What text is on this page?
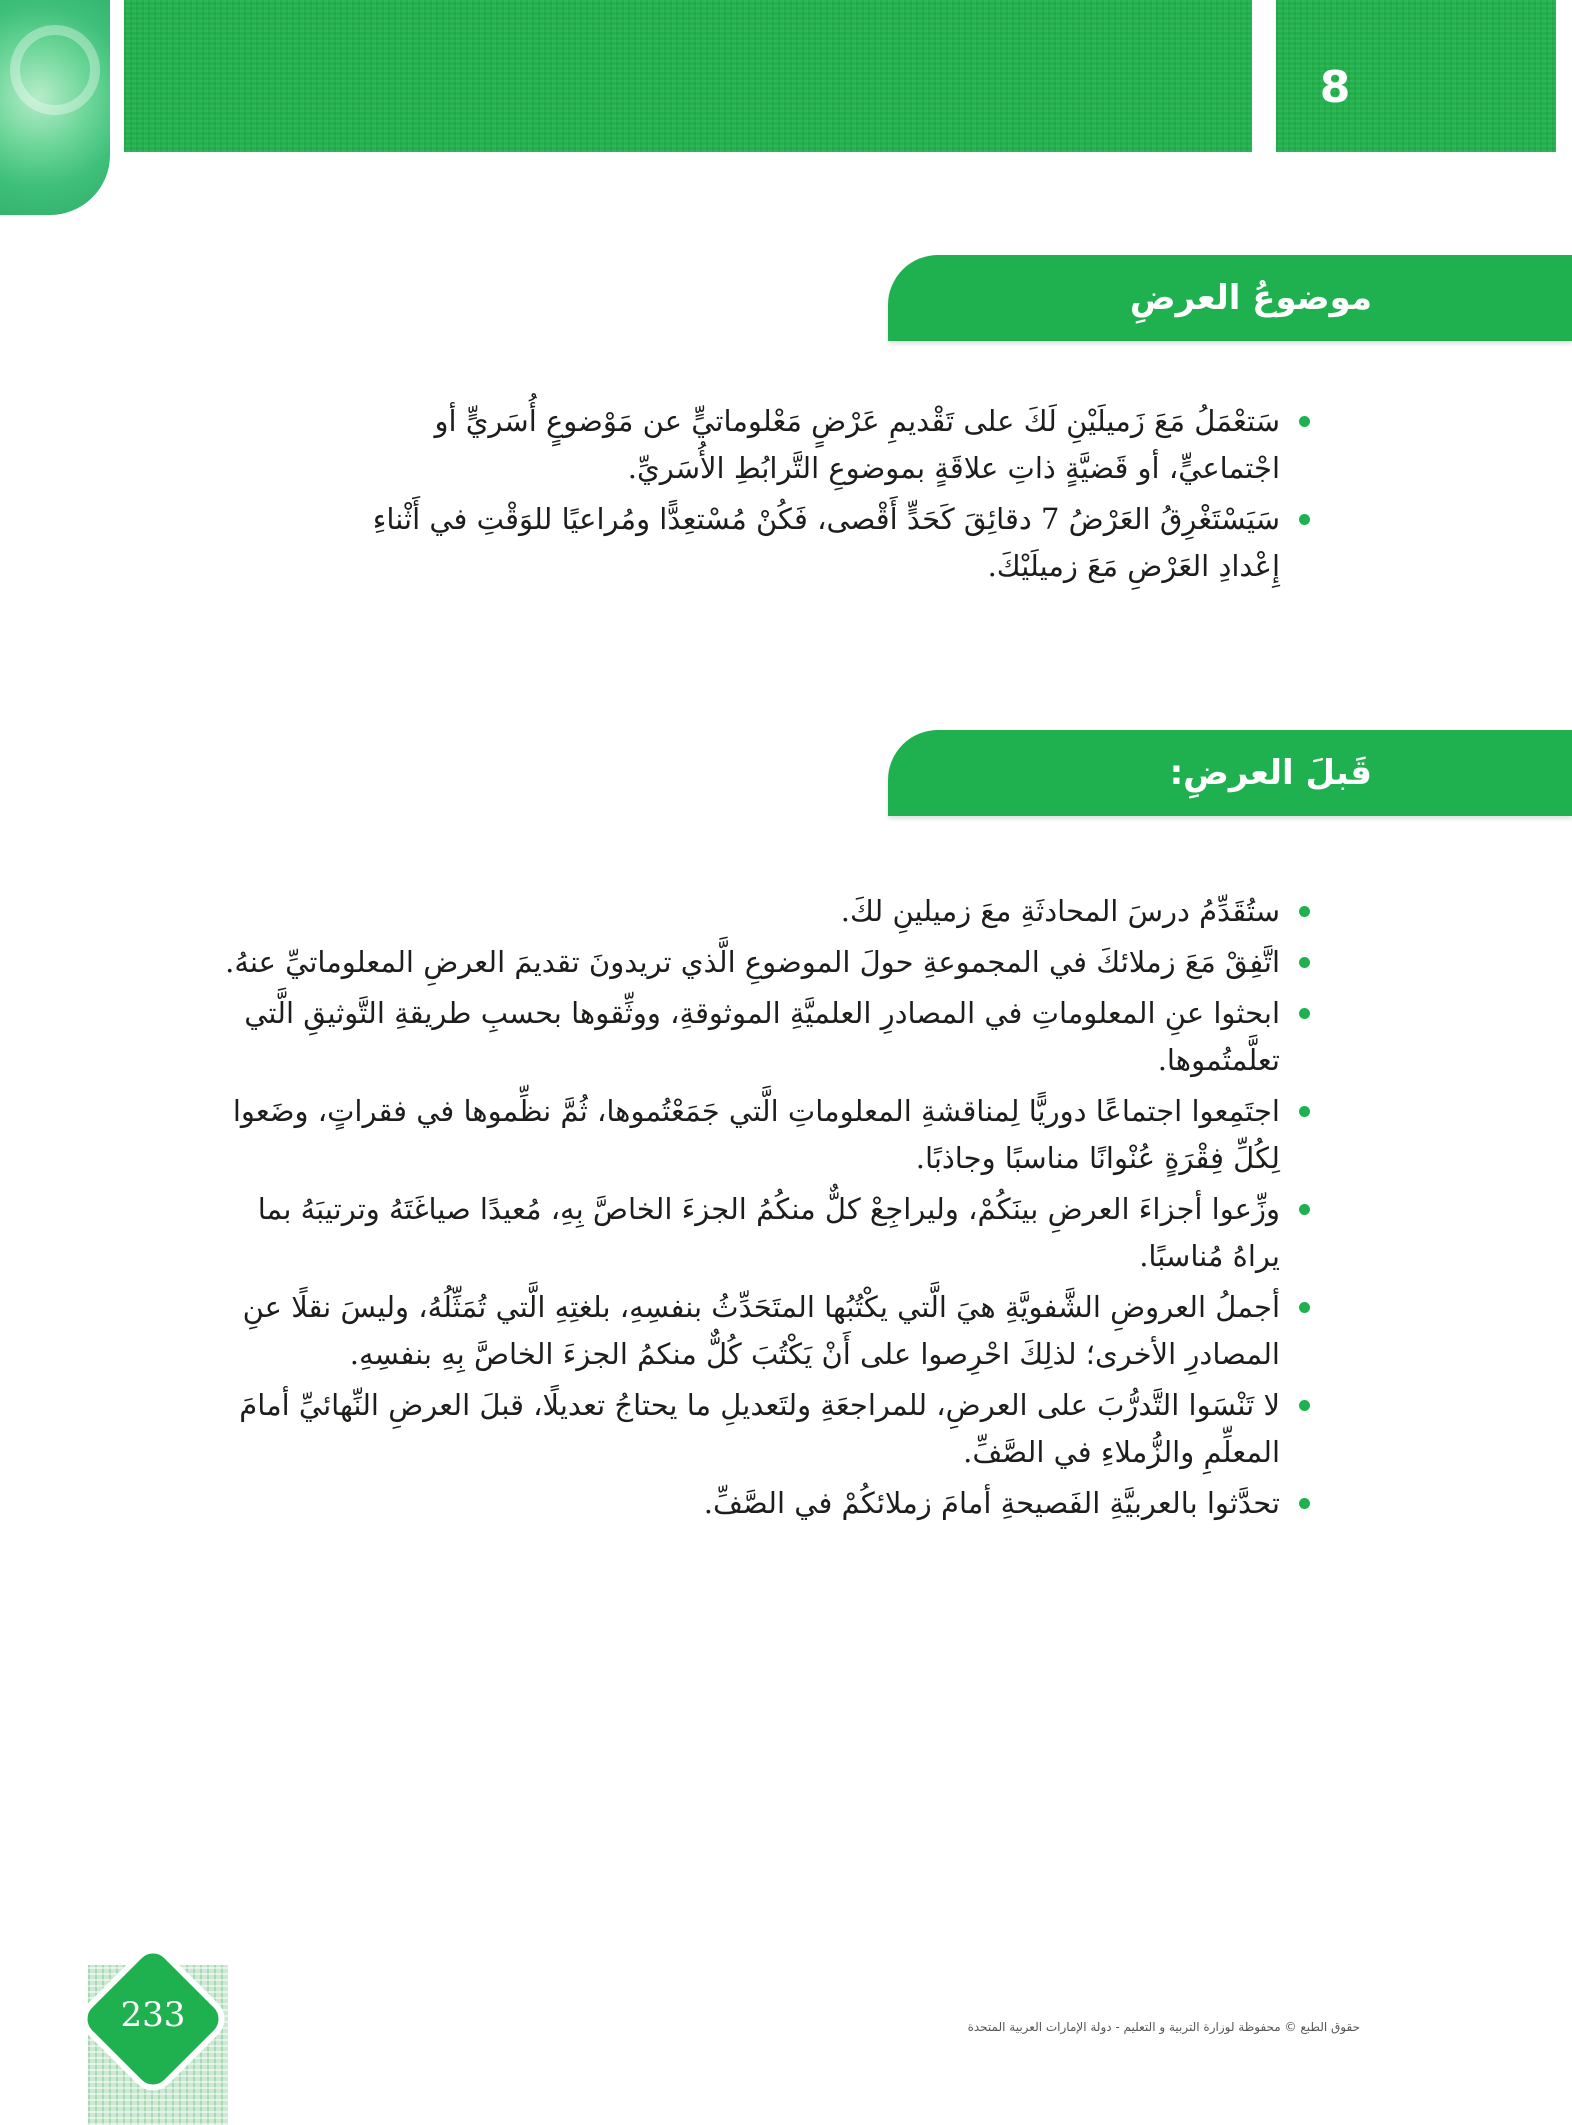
8
موضوعُ العرضِ
سَتعْمَلُ مَعَ زَميلَيْنِ لَكَ على تَقْديمِ عَرْضٍ مَعْلوماتيٍّ عن مَوْضوعٍ أُسَريٍّ أو اجْتماعيٍّ، أو قَضيَّةٍ ذاتِ علاقَةٍ بموضوعِ التَّرابُطِ الأُسَريِّ.
سَيَسْتَغْرِقُ العَرْضُ 7 دقائِقَ كَحَدٍّ أَقْصى، فَكُنْ مُسْتعِدًّا ومُراعيًا للوَقْتِ في أَثْناءِ إِعْدادِ العَرْضِ مَعَ زميلَيْكَ.
قَبلَ العرضِ:
ستُقَدِّمُ درسَ المحادثَةِ معَ زميلينِ لكَ.
اتَّفِقْ مَعَ زملائكَ في المجموعةِ حولَ الموضوعِ الَّذي تريدونَ تقديمَ العرضِ المعلوماتيِّ عنهُ.
ابحثوا عنِ المعلوماتِ في المصادرِ العلميَّةِ الموثوقةِ، ووثِّقوها بحسبِ طريقةِ التَّوثيقِ الَّتي تعلَّمتُموها.
اجتَمِعوا اجتماعًا دوريًّا لِمناقشةِ المعلوماتِ الَّتي جَمَعْتُموها، ثُمَّ نظِّموها في فقراتٍ، وضَعوا لِكُلِّ فِقْرَةٍ عُنْوانًا مناسبًا وجاذبًا.
وزِّعوا أجزاءَ العرضِ بينَكُمْ، وليراجِعْ كلٌّ منكُمُ الجزءَ الخاصَّ بِهِ، مُعيدًا صياغَتَهُ وترتيبَهُ بما يراهُ مُناسبًا.
أجملُ العروضِ الشَّفويَّةِ هيَ الَّتي يكْتُبُها المتَحَدِّثُ بنفسِهِ، بلغتِهِ الَّتي تُمَثِّلُهُ، وليسَ نقلًا عنِ المصادرِ الأخرى؛ لذلِكَ احْرِصوا على أَنْ يَكْتُبَ كُلٌّ منكمُ الجزءَ الخاصَّ بِهِ بنفسِهِ.
لا تَنْسَوا التَّدرُّبَ على العرضِ، للمراجعَةِ ولتَعديلِ ما يحتاجُ تعديلًا، قبلَ العرضِ النِّهائيِّ أمامَ المعلِّمِ والزُّملاءِ في الصَّفِّ.
تحدَّثوا بالعربيَّةِ الفَصيحةِ أمامَ زملائكُمْ في الصَّفِّ.
233	حقوق الطبع © محفوظة لوزارة التربية و التعليم - دولة الإمارات العربية المتحدة
